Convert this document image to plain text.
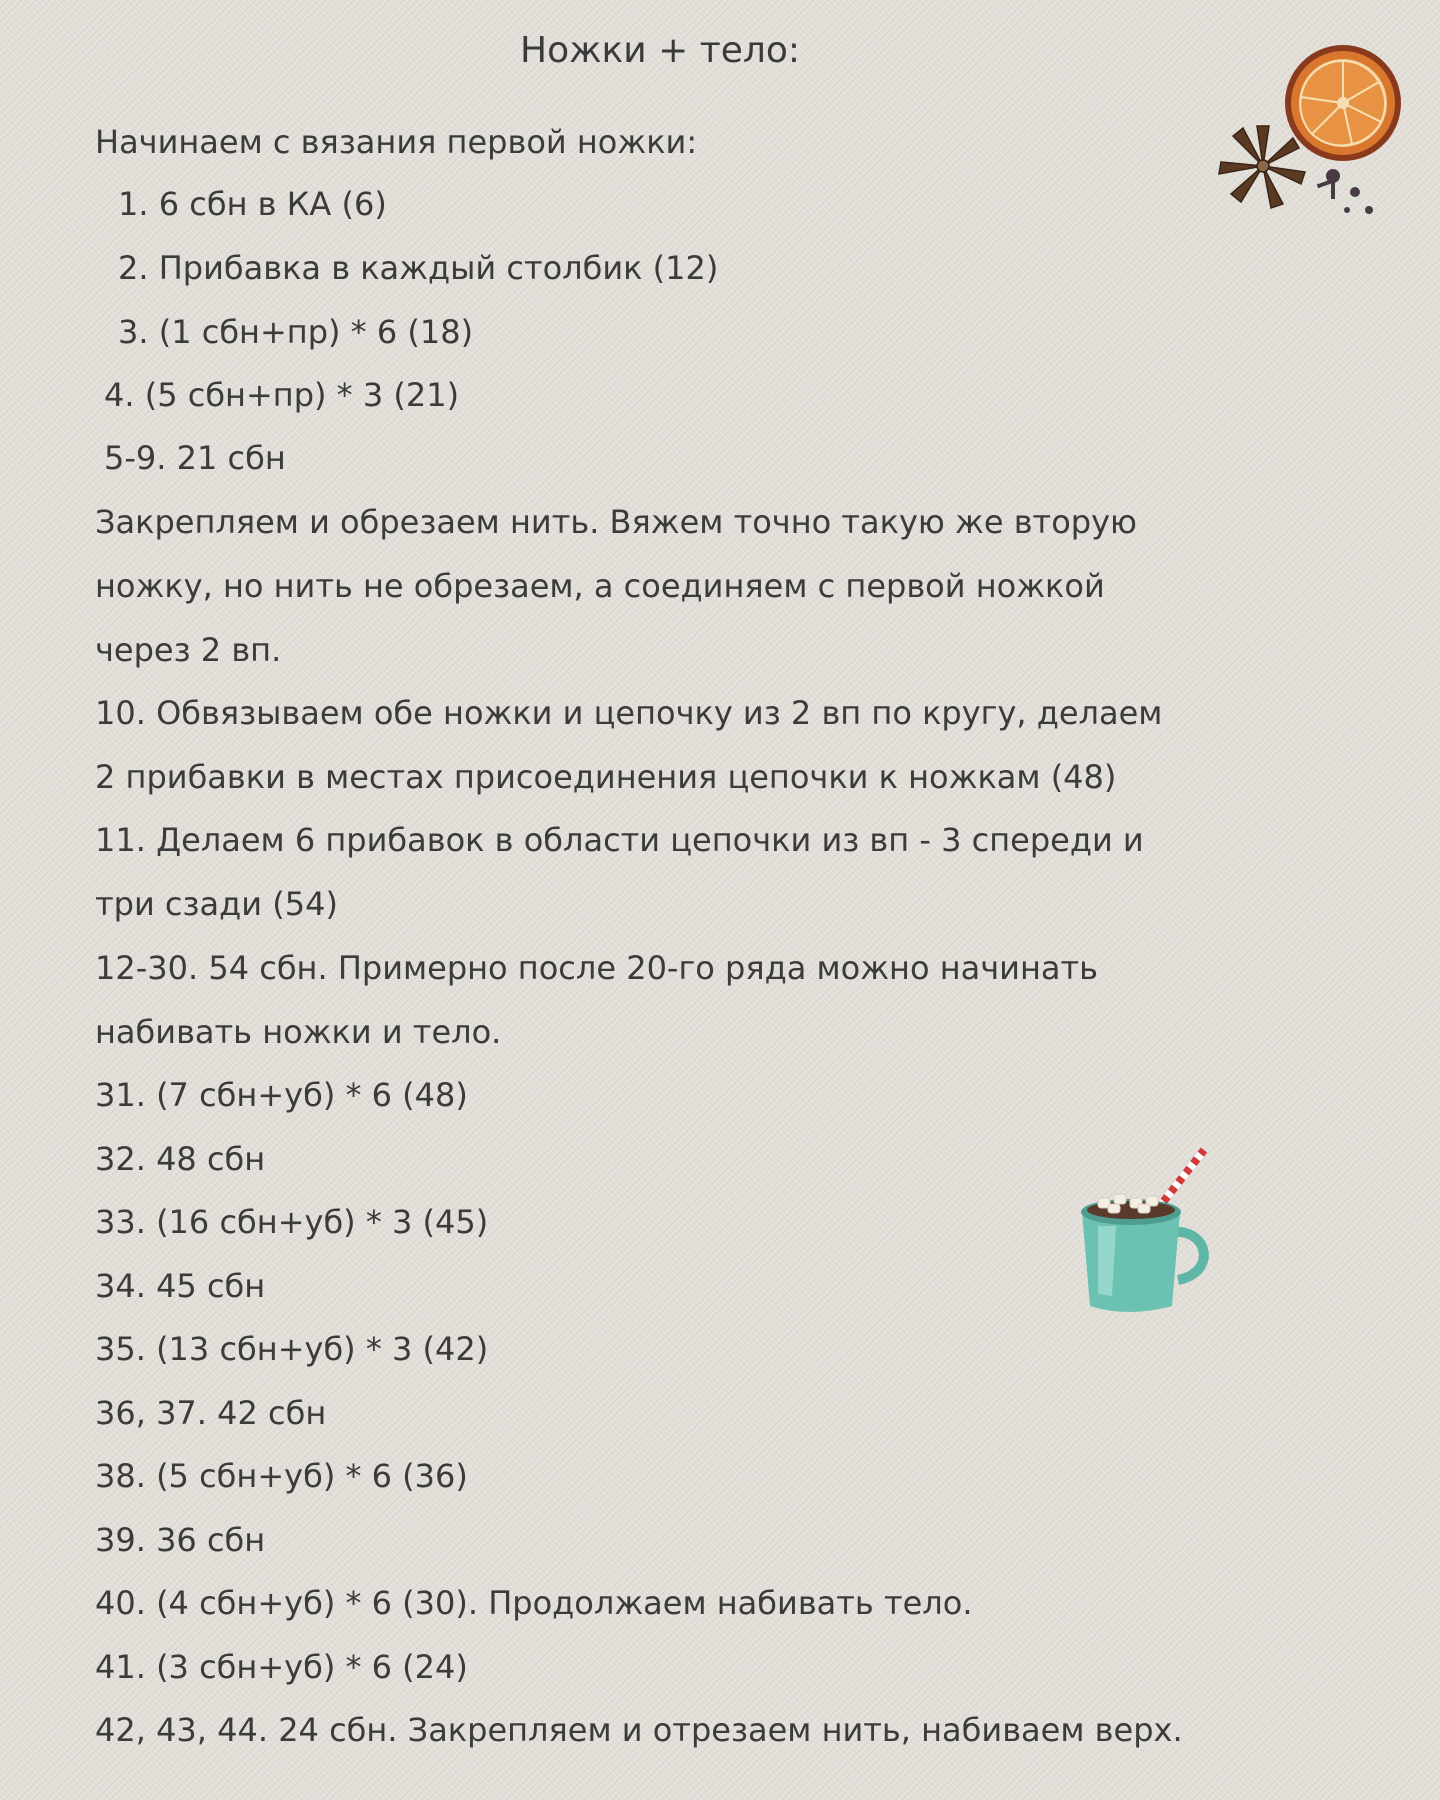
Ножки + тело:
Начинаем с вязания первой ножки:
1. 6 сбн в КА (6)
2. Прибавка в каждый столбик (12)
3. (1 сбн+пр) * 6 (18)
4. (5 сбн+пр) * 3 (21)
5-9. 21 сбн
Закрепляем и обрезаем нить. Вяжем точно такую же вторую
ножку, но нить не обрезаем, а соединяем с первой ножкой
через 2 вп.
10. Обвязываем обе ножки и цепочку из 2 вп по кругу, делаем
2 прибавки в местах присоединения цепочки к ножкам (48)
11. Делаем 6 прибавок в области цепочки из вп - 3 спереди и
три сзади (54)
12-30. 54 сбн. Примерно после 20-го ряда можно начинать
набивать ножки и тело.
31. (7 сбн+уб) * 6 (48)
32. 48 сбн
33. (16 сбн+уб) * 3 (45)
34. 45 сбн
35. (13 сбн+уб) * 3 (42)
36, 37. 42 сбн
38. (5 сбн+уб) * 6 (36)
39. 36 сбн
40. (4 сбн+уб) * 6 (30). Продолжаем набивать тело.
41. (3 сбн+уб) * 6 (24)
42, 43, 44. 24 сбн. Закрепляем и отрезаем нить, набиваем верх.
